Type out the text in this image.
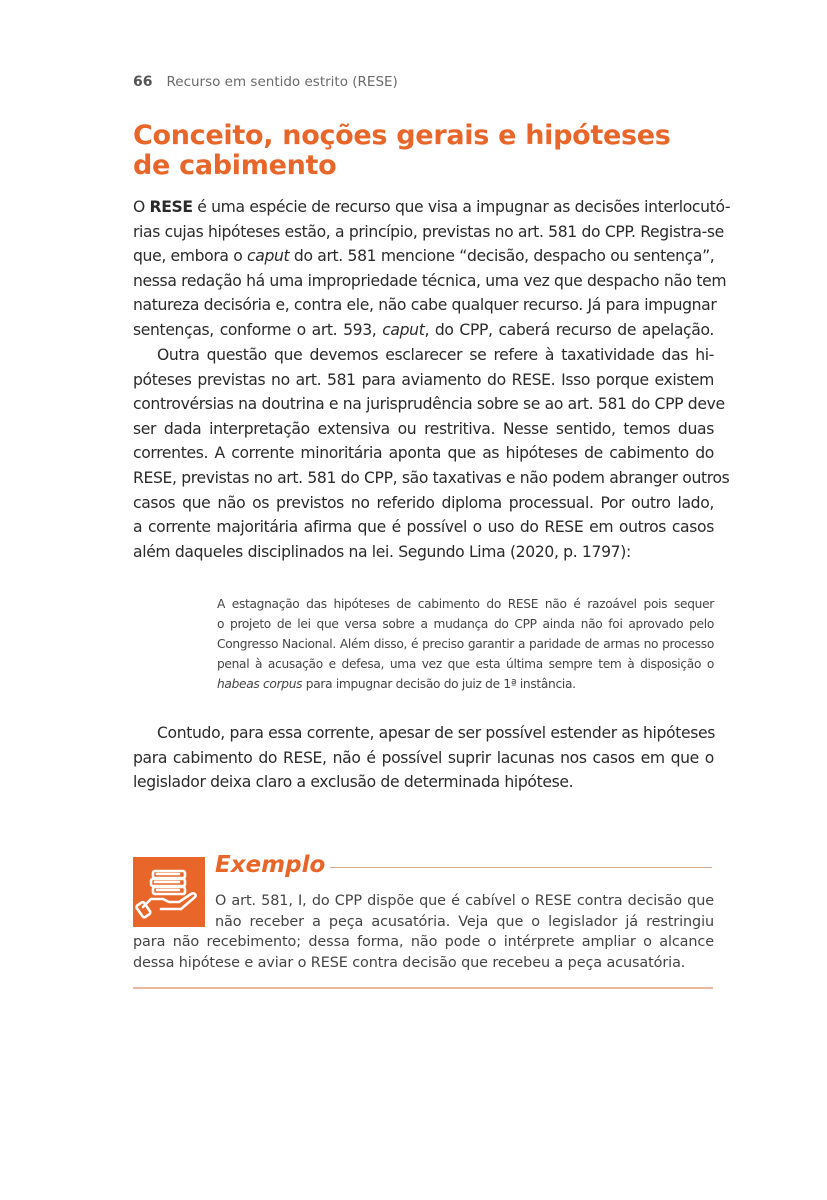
66 Recurso em sentido estrito (RESE)
Conceito, noções gerais e hipóteses
de cabimento
O RESE é uma espécie de recurso que visa a impugnar as decisões interlocutó-
rias cujas hipóteses estão, a princípio, previstas no art. 581 do CPP. Registra-se
que, embora o caput do art. 581 mencione “decisão, despacho ou sentença”,
nessa redação há uma impropriedade técnica, uma vez que despacho não tem
natureza decisória e, contra ele, não cabe qualquer recurso. Já para impugnar
sentenças, conforme o art. 593, caput, do CPP, caberá recurso de apelação.
Outra questão que devemos esclarecer se refere à taxatividade das hi-
póteses previstas no art. 581 para aviamento do RESE. Isso porque existem
controvérsias na doutrina e na jurisprudência sobre se ao art. 581 do CPP deve
ser dada interpretação extensiva ou restritiva. Nesse sentido, temos duas
correntes. A corrente minoritária aponta que as hipóteses de cabimento do
RESE, previstas no art. 581 do CPP, são taxativas e não podem abranger outros
casos que não os previstos no referido diploma processual. Por outro lado,
a corrente majoritária afirma que é possível o uso do RESE em outros casos
além daqueles disciplinados na lei. Segundo Lima (2020, p. 1797):
A estagnação das hipóteses de cabimento do RESE não é razoável pois sequer
o projeto de lei que versa sobre a mudança do CPP ainda não foi aprovado pelo
Congresso Nacional. Além disso, é preciso garantir a paridade de armas no processo
penal à acusação e defesa, uma vez que esta última sempre tem à disposição o
habeas corpus para impugnar decisão do juiz de 1ª instância.
Contudo, para essa corrente, apesar de ser possível estender as hipóteses
para cabimento do RESE, não é possível suprir lacunas nos casos em que o
legislador deixa claro a exclusão de determinada hipótese.
Exemplo
O art. 581, I, do CPP dispõe que é cabível o RESE contra decisão que
não receber a peça acusatória. Veja que o legislador já restringiu
para não recebimento; dessa forma, não pode o intérprete ampliar o alcance
dessa hipótese e aviar o RESE contra decisão que recebeu a peça acusatória.
